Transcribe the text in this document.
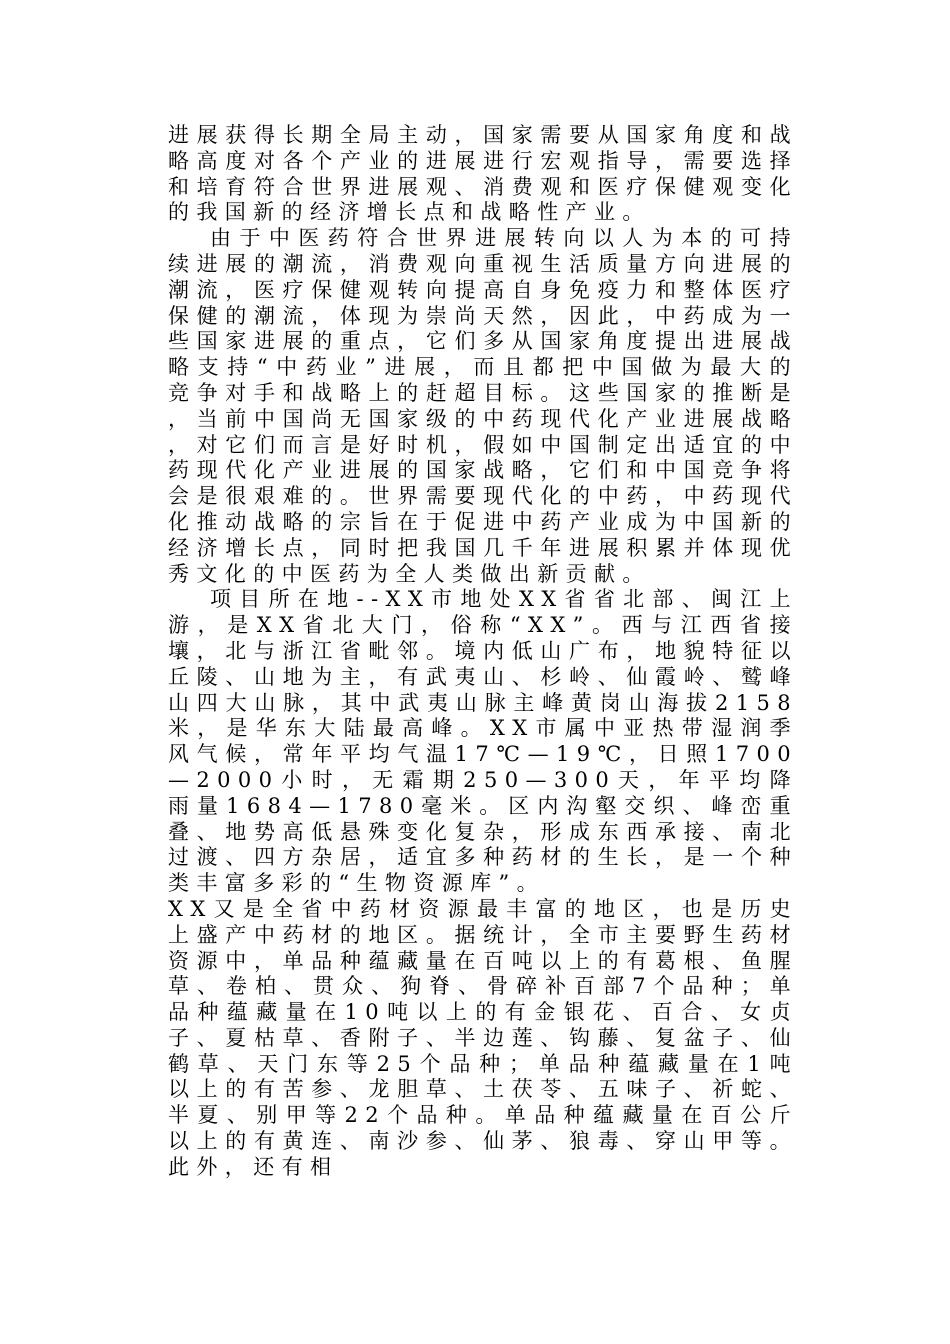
进展获得长期全局主动，国家需要从国家角度和战略高度对各个产业的进展进行宏观指导，需要选择和培育符合世界进展观、消费观和医疗保健观变化的我国新的经济增长点和战略性产业。

由于中医药符合世界进展转向以人为本的可持续进展的潮流，消费观向重视生活质量方向进展的潮流，医疗保健观转向提高自身免疫力和整体医疗保健的潮流，体现为崇尚天然，因此，中药成为一些国家进展的重点，它们多从国家角度提出进展战略支持“中药业”进展，而且都把中国做为最大的竞争对手和战略上的赶超目标。这些国家的推断是，当前中国尚无国家级的中药现代化产业进展战略，对它们而言是好时机，假如中国制定出适宜的中药现代化产业进展的国家战略，它们和中国竞争将会是很艰难的。世界需要现代化的中药，中药现代化推动战略的宗旨在于促进中药产业成为中国新的经济增长点，同时把我国几千年进展积累并体现优秀文化的中医药为全人类做出新贡献。

项目所在地--XX市地处XX省省北部、闽江上游，是XX省北大门，俗称“XX”。西与江西省接壤，北与浙江省毗邻。境内低山广布，地貌特征以丘陵、山地为主，有武夷山、杉岭、仙霞岭、鹫峰山四大山脉，其中武夷山脉主峰黄岗山海拔2158米，是华东大陆最高峰。XX市属中亚热带湿润季风气候，常年平均气温17℃—19℃，日照1700—2000小时，无霜期250—300天，年平均降雨量1684—1780毫米。区内沟壑交织、峰峦重叠、地势高低悬殊变化复杂，形成东西承接、南北过渡、四方杂居，适宜多种药材的生长，是一个种类丰富多彩的“生物资源库”。

XX又是全省中药材资源最丰富的地区，也是历史上盛产中药材的地区。据统计，全市主要野生药材资源中，单品种蕴藏量在百吨以上的有葛根、鱼腥草、卷柏、贯众、狗脊、骨碎补百部7个品种；单品种蕴藏量在10吨以上的有金银花、百合、女贞子、夏枯草、香附子、半边莲、钩藤、复盆子、仙鹤草、天门东等25个品种；单品种蕴藏量在1吨以上的有苦参、龙胆草、土茯苓、五味子、祈蛇、半夏、别甲等22个品种。单品种蕴藏量在百公斤以上的有黄连、南沙参、仙茅、狼毒、穿山甲等。此外，还有相
